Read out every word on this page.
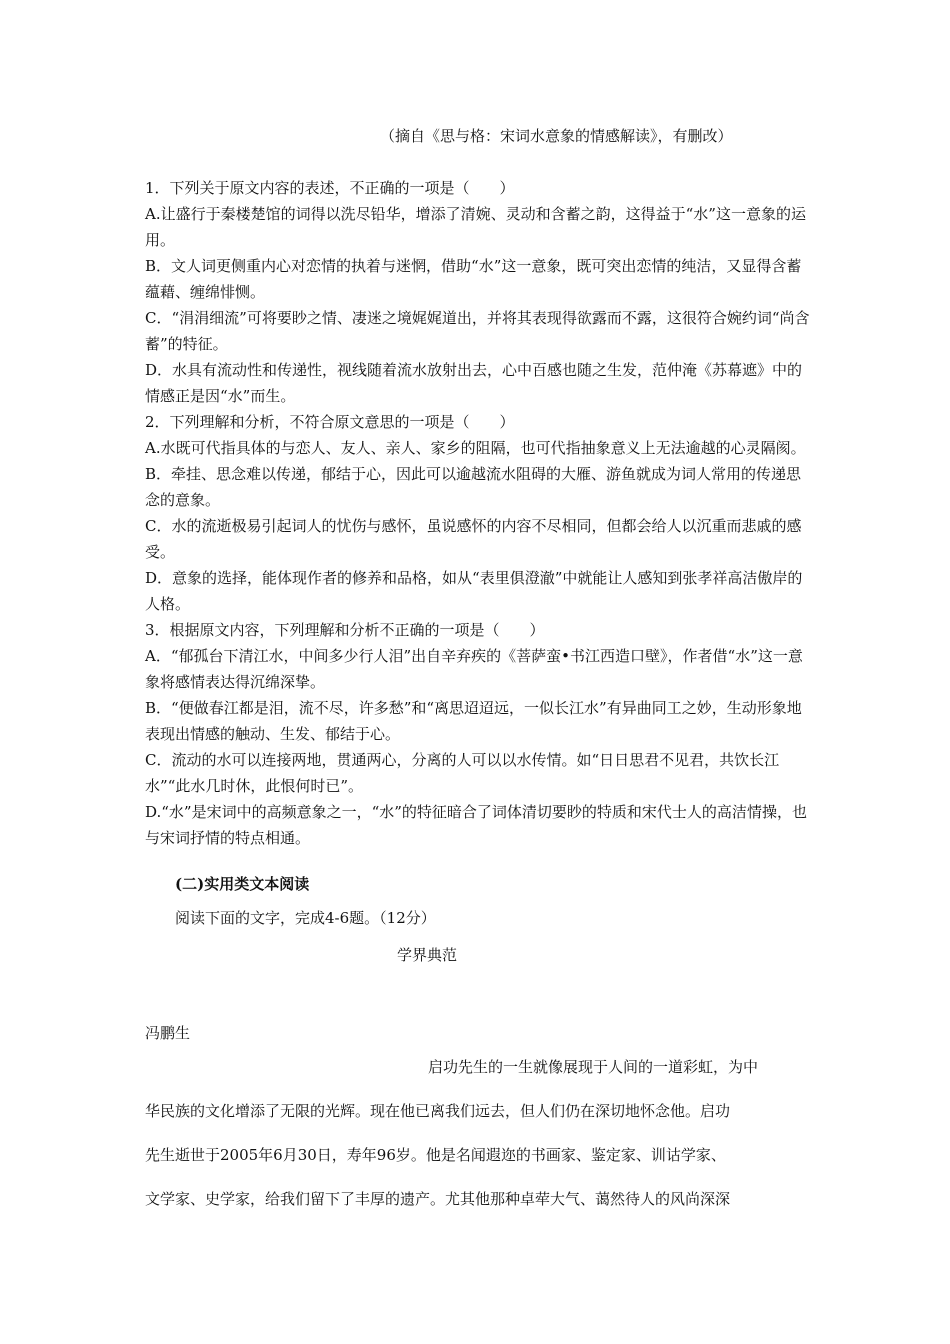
（摘自《思与格：宋词水意象的情感解读》，有删改）

1．下列关于原文内容的表述，不正确的一项是（　　）

A.让盛行于秦楼楚馆的词得以洗尽铅华，增添了清婉、灵动和含蓄之韵，这得益于“水”这一意象的运用。

B．文人词更侧重内心对恋情的执着与迷惘，借助“水”这一意象，既可突出恋情的纯洁，又显得含蓄蕴藉、缠绵悱恻。

C．“涓涓细流”可将要眇之情、凄迷之境娓娓道出，并将其表现得欲露而不露，这很符合婉约词“尚含蓄”的特征。

D．水具有流动性和传递性，视线随着流水放射出去，心中百感也随之生发，范仲淹《苏幕遮》中的情感正是因“水”而生。

2．下列理解和分析，不符合原文意思的一项是（　　）

A.水既可代指具体的与恋人、友人、亲人、家乡的阻隔，也可代指抽象意义上无法逾越的心灵隔阂。

B．牵挂、思念难以传递，郁结于心，因此可以逾越流水阻碍的大雁、游鱼就成为词人常用的传递思念的意象。

C．水的流逝极易引起词人的忧伤与感怀，虽说感怀的内容不尽相同，但都会给人以沉重而悲戚的感受。

D．意象的选择，能体现作者的修养和品格，如从“表里俱澄澈”中就能让人感知到张孝祥高洁傲岸的人格。

3．根据原文内容，下列理解和分析不正确的一项是（　　）

A．“郁孤台下清江水，中间多少行人泪”出自辛弃疾的《菩萨蛮•书江西造口壁》，作者借“水”这一意象将感情表达得沉绵深挚。

B．“便做春江都是泪，流不尽，许多愁”和“离思迢迢远，一似长江水”有异曲同工之妙，生动形象地表现出情感的触动、生发、郁结于心。

C．流动的水可以连接两地，贯通两心，分离的人可以以水传情。如“日日思君不见君，共饮长江水”“此水几时休，此恨何时已”。

D.“水”是宋词中的高频意象之一，“水”的特征暗合了词体清切要眇的特质和宋代士人的高洁情操，也与宋词抒情的特点相通。

(二)实用类文本阅读
阅读下面的文字，完成4-6题。（12分）
学界典范
冯鹏生

启功先生的一生就像展现于人间的一道彩虹，为中

华民族的文化增添了无限的光辉。现在他已离我们远去，但人们仍在深切地怀念他。启功

先生逝世于2005年6月30日，寿年96岁。他是名闻遐迩的书画家、鉴定家、训诂学家、

文学家、史学家，给我们留下了丰厚的遗产。尤其他那种卓荦大气、蔼然待人的风尚深深
